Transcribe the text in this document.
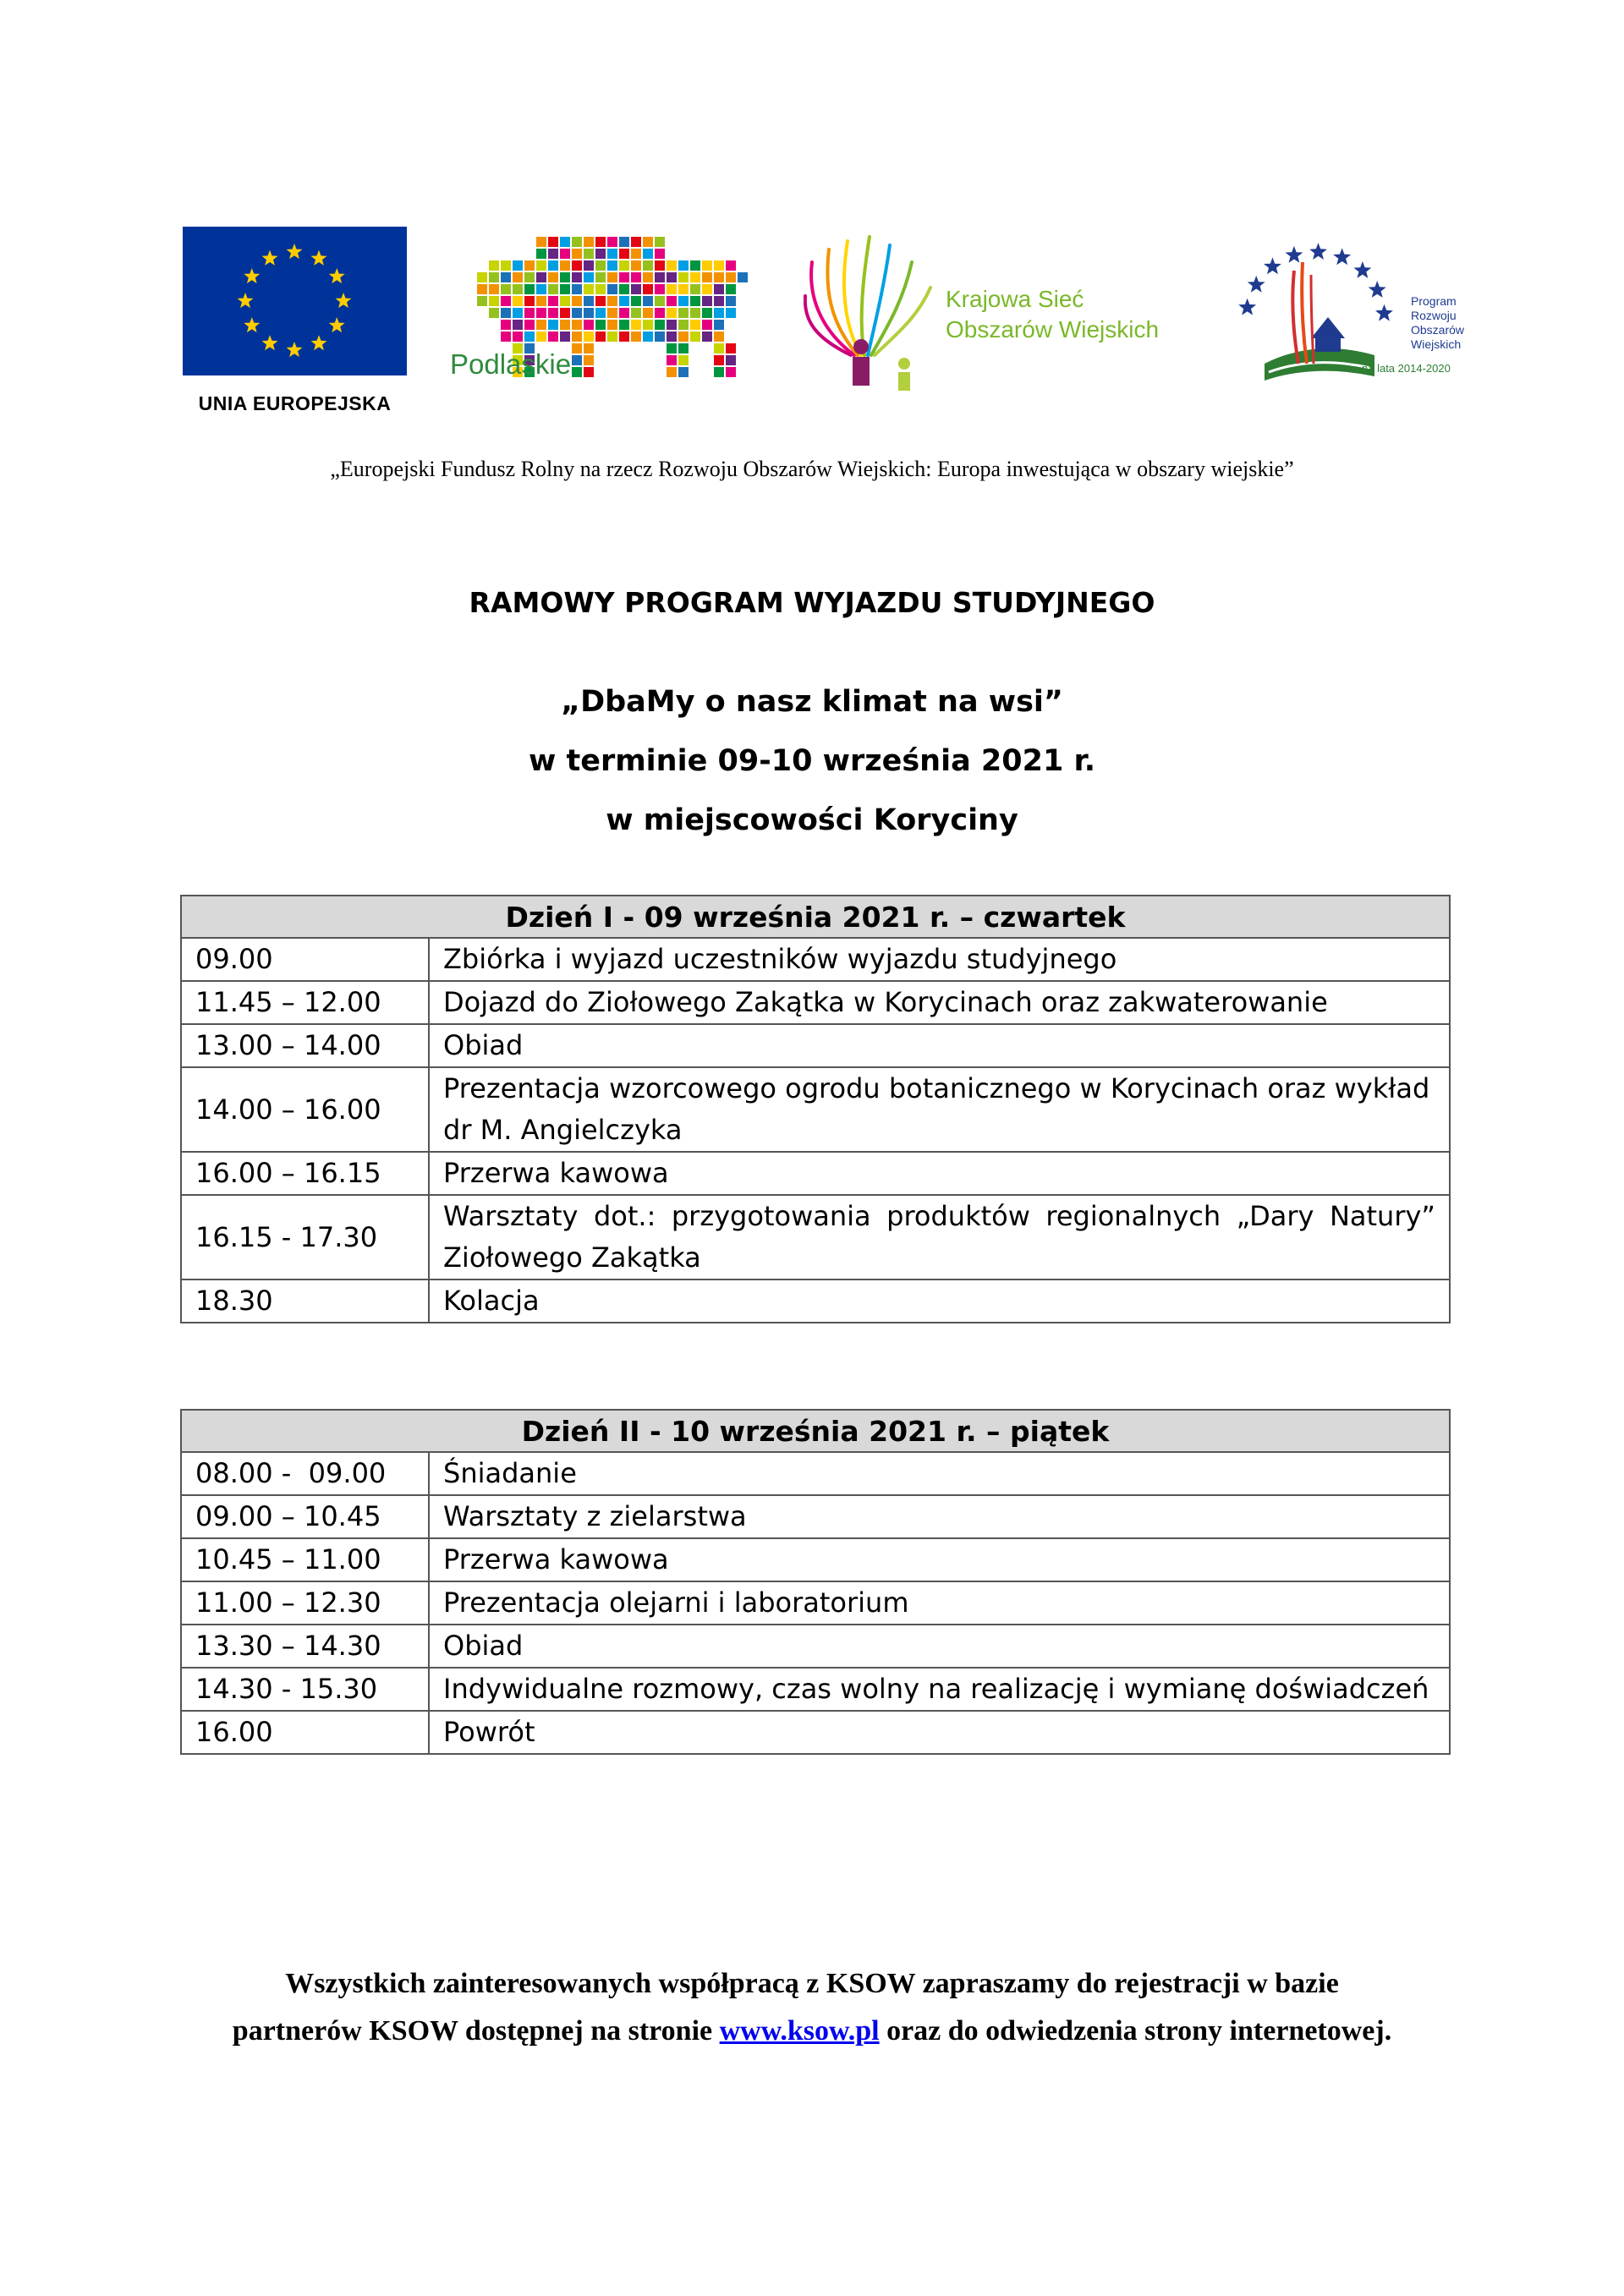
UNIA EUROPEJSKA
Podlaskie
Krajowa Sieć
Obszarów Wiejskich
Program
Rozwoju
Obszarów
Wiejskich
na lata 2014-2020
„Europejski Fundusz Rolny na rzecz Rozwoju Obszarów Wiejskich: Europa inwestująca w obszary wiejskie”
RAMOWY PROGRAM WYJAZDU STUDYJNEGO
„DbaMy o nasz klimat na wsi”
w terminie 09-10 września 2021 r.
w miejscowości Koryciny
Dzień I - 09 września 2021 r. – czwartek	
09.00	Zbiórka i wyjazd uczestników wyjazdu studyjnego
11.45 – 12.00	Dojazd do Ziołowego Zakątka w Korycinach oraz zakwaterowanie
13.00 – 14.00	Obiad
14.00 – 16.00	Prezentacja wzorcowego ogrodu botanicznego w Korycinach oraz wykład dr M. Angielczyka
16.00 – 16.15	Przerwa kawowa
16.15 - 17.30	Warsztaty dot.: przygotowania produktów regionalnych „Dary Natury” Ziołowego Zakątka
18.30	Kolacja
Dzień II - 10 września 2021 r. – piątek	
08.00 -  09.00	Śniadanie
09.00 – 10.45	Warsztaty z zielarstwa
10.45 – 11.00	Przerwa kawowa
11.00 – 12.30	Prezentacja olejarni i laboratorium
13.30 – 14.30	Obiad
14.30 - 15.30	Indywidualne rozmowy, czas wolny na realizację i wymianę doświadczeń
16.00	Powrót
Wszystkich zainteresowanych współpracą z KSOW zapraszamy do rejestracji w bazie
partnerów KSOW dostępnej na stronie www.ksow.pl oraz do odwiedzenia strony internetowej.
